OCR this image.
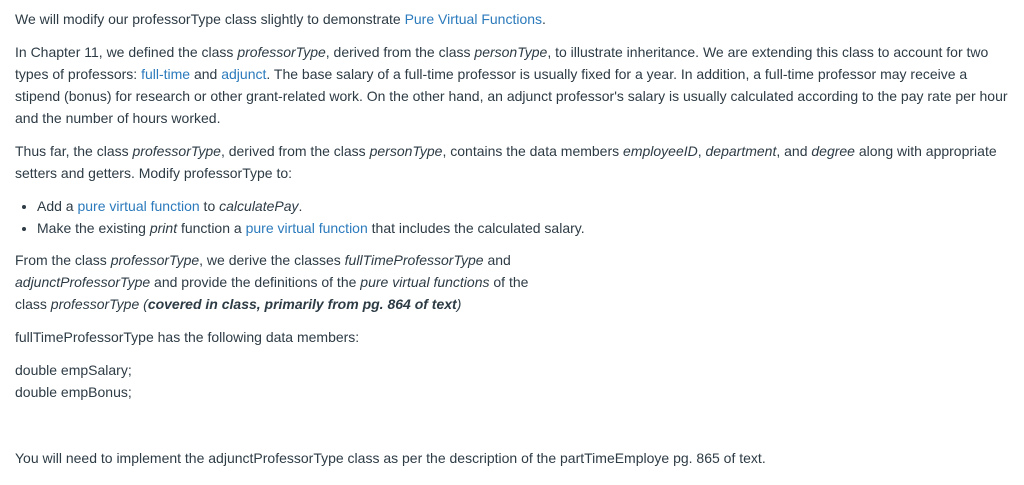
We will modify our professorType class slightly to demonstrate Pure Virtual Functions.

In Chapter 11, we defined the class professorType, derived from the class personType, to illustrate inheritance. We are extending this class to account for two types of professors: full-time and adjunct. The base salary of a full-time professor is usually fixed for a year. In addition, a full-time professor may receive a stipend (bonus) for research or other grant-related work. On the other hand, an adjunct professor's salary is usually calculated according to the pay rate per hour and the number of hours worked.

Thus far, the class professorType, derived from the class personType, contains the data members employeeID, department, and degree along with appropriate setters and getters. Modify professorType to:

• Add a pure virtual function to calculatePay.
• Make the existing print function a pure virtual function that includes the calculated salary.

From the class professorType, we derive the classes fullTimeProfessorType and adjunctProfessorType and provide the definitions of the pure virtual functions of the class professorType (covered in class, primarily from pg. 864 of text)

fullTimeProfessorType has the following data members:

double empSalary;
double empBonus;

You will need to implement the adjunctProfessorType class as per the description of the partTimeEmploye pg. 865 of text.
